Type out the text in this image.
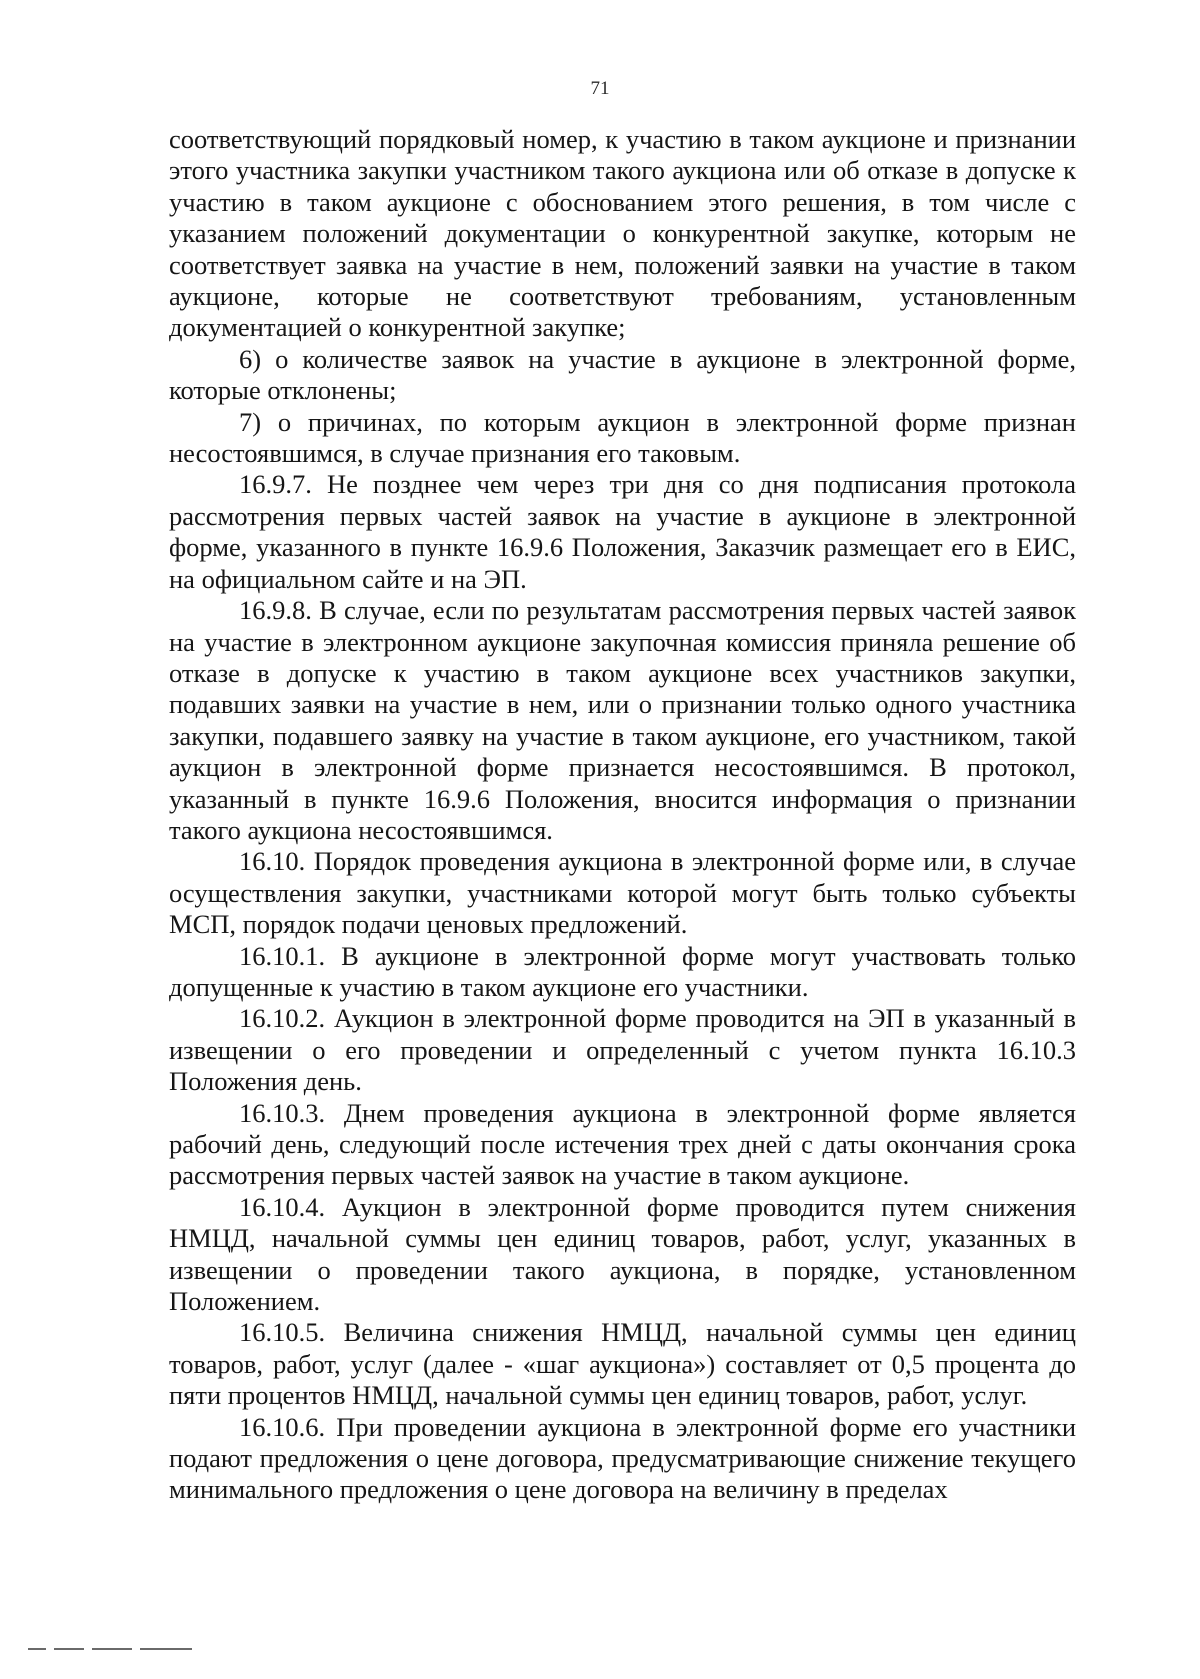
71

соответствующий порядковый номер, к участию в таком аукционе и признании этого участника закупки участником такого аукциона или об отказе в допуске к участию в таком аукционе с обоснованием этого решения, в том числе с указанием положений документации о конкурентной закупке, которым не соответствует заявка на участие в нем, положений заявки на участие в таком аукционе, которые не соответствуют требованиям, установленным документацией о конкурентной закупке;

6) о количестве заявок на участие в аукционе в электронной форме, которые отклонены;

7) о причинах, по которым аукцион в электронной форме признан несостоявшимся, в случае признания его таковым.

16.9.7. Не позднее чем через три дня со дня подписания протокола рассмотрения первых частей заявок на участие в аукционе в электронной форме, указанного в пункте 16.9.6 Положения, Заказчик размещает его в ЕИС, на официальном сайте и на ЭП.

16.9.8. В случае, если по результатам рассмотрения первых частей заявок на участие в электронном аукционе закупочная комиссия приняла решение об отказе в допуске к участию в таком аукционе всех участников закупки, подавших заявки на участие в нем, или о признании только одного участника закупки, подавшего заявку на участие в таком аукционе, его участником, такой аукцион в электронной форме признается несостоявшимся. В протокол, указанный в пункте 16.9.6 Положения, вносится информация о признании такого аукциона несостоявшимся.

16.10. Порядок проведения аукциона в электронной форме или, в случае осуществления закупки, участниками которой могут быть только субъекты МСП, порядок подачи ценовых предложений.

16.10.1. В аукционе в электронной форме могут участвовать только допущенные к участию в таком аукционе его участники.

16.10.2. Аукцион в электронной форме проводится на ЭП в указанный в извещении о его проведении и определенный с учетом пункта 16.10.3 Положения день.

16.10.3. Днем проведения аукциона в электронной форме является рабочий день, следующий после истечения трех дней с даты окончания срока рассмотрения первых частей заявок на участие в таком аукционе.

16.10.4. Аукцион в электронной форме проводится путем снижения НМЦД, начальной суммы цен единиц товаров, работ, услуг, указанных в извещении о проведении такого аукциона, в порядке, установленном Положением.

16.10.5. Величина снижения НМЦД, начальной суммы цен единиц товаров, работ, услуг (далее - «шаг аукциона») составляет от 0,5 процента до пяти процентов НМЦД, начальной суммы цен единиц товаров, работ, услуг.

16.10.6. При проведении аукциона в электронной форме его участники подают предложения о цене договора, предусматривающие снижение текущего минимального предложения о цене договора на величину в пределах
